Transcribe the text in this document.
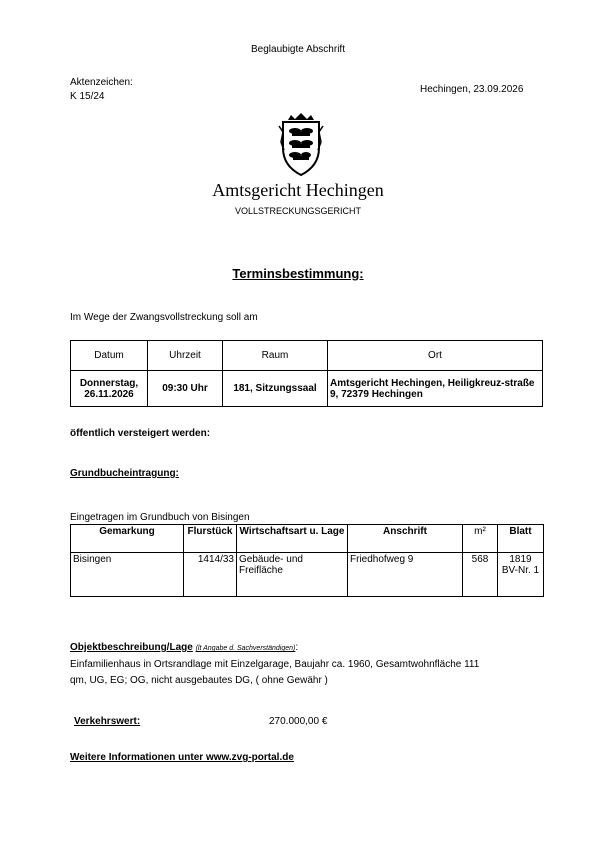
Beglaubigte Abschrift
Aktenzeichen:
K 15/24
Hechingen, 23.09.2026
Amtsgericht Hechingen
VOLLSTRECKUNGSGERICHT
Terminsbestimmung:
Im Wege der Zwangsvollstreckung soll am
Datum	Uhrzeit	Raum	Ort

Donnerstag,
26.11.2026	09:30 Uhr	181, Sitzungssaal	Amtsgericht Hechingen, Heiligkreuz-straße 9, 72379 Hechingen
öffentlich versteigert werden:
Grundbucheintragung:
Eingetragen im Grundbuch von Bisingen
Gemarkung	Flurstück	Wirtschaftsart u. Lage	Anschrift	m²	Blatt
Bisingen	1414/33	Gebäude- und Freifläche	Friedhofweg 9	568	1819 BV-Nr. 1
Objektbeschreibung/Lage (lt Angabe d. Sachverständigen):
Einfamilienhaus in Ortsrandlage mit Einzelgarage, Baujahr ca. 1960, Gesamtwohnfläche 111
qm, UG, EG; OG, nicht ausgebautes DG, ( ohne Gewähr )
Verkehrswert:	270.000,00 €
Weitere Informationen unter www.zvg-portal.de
